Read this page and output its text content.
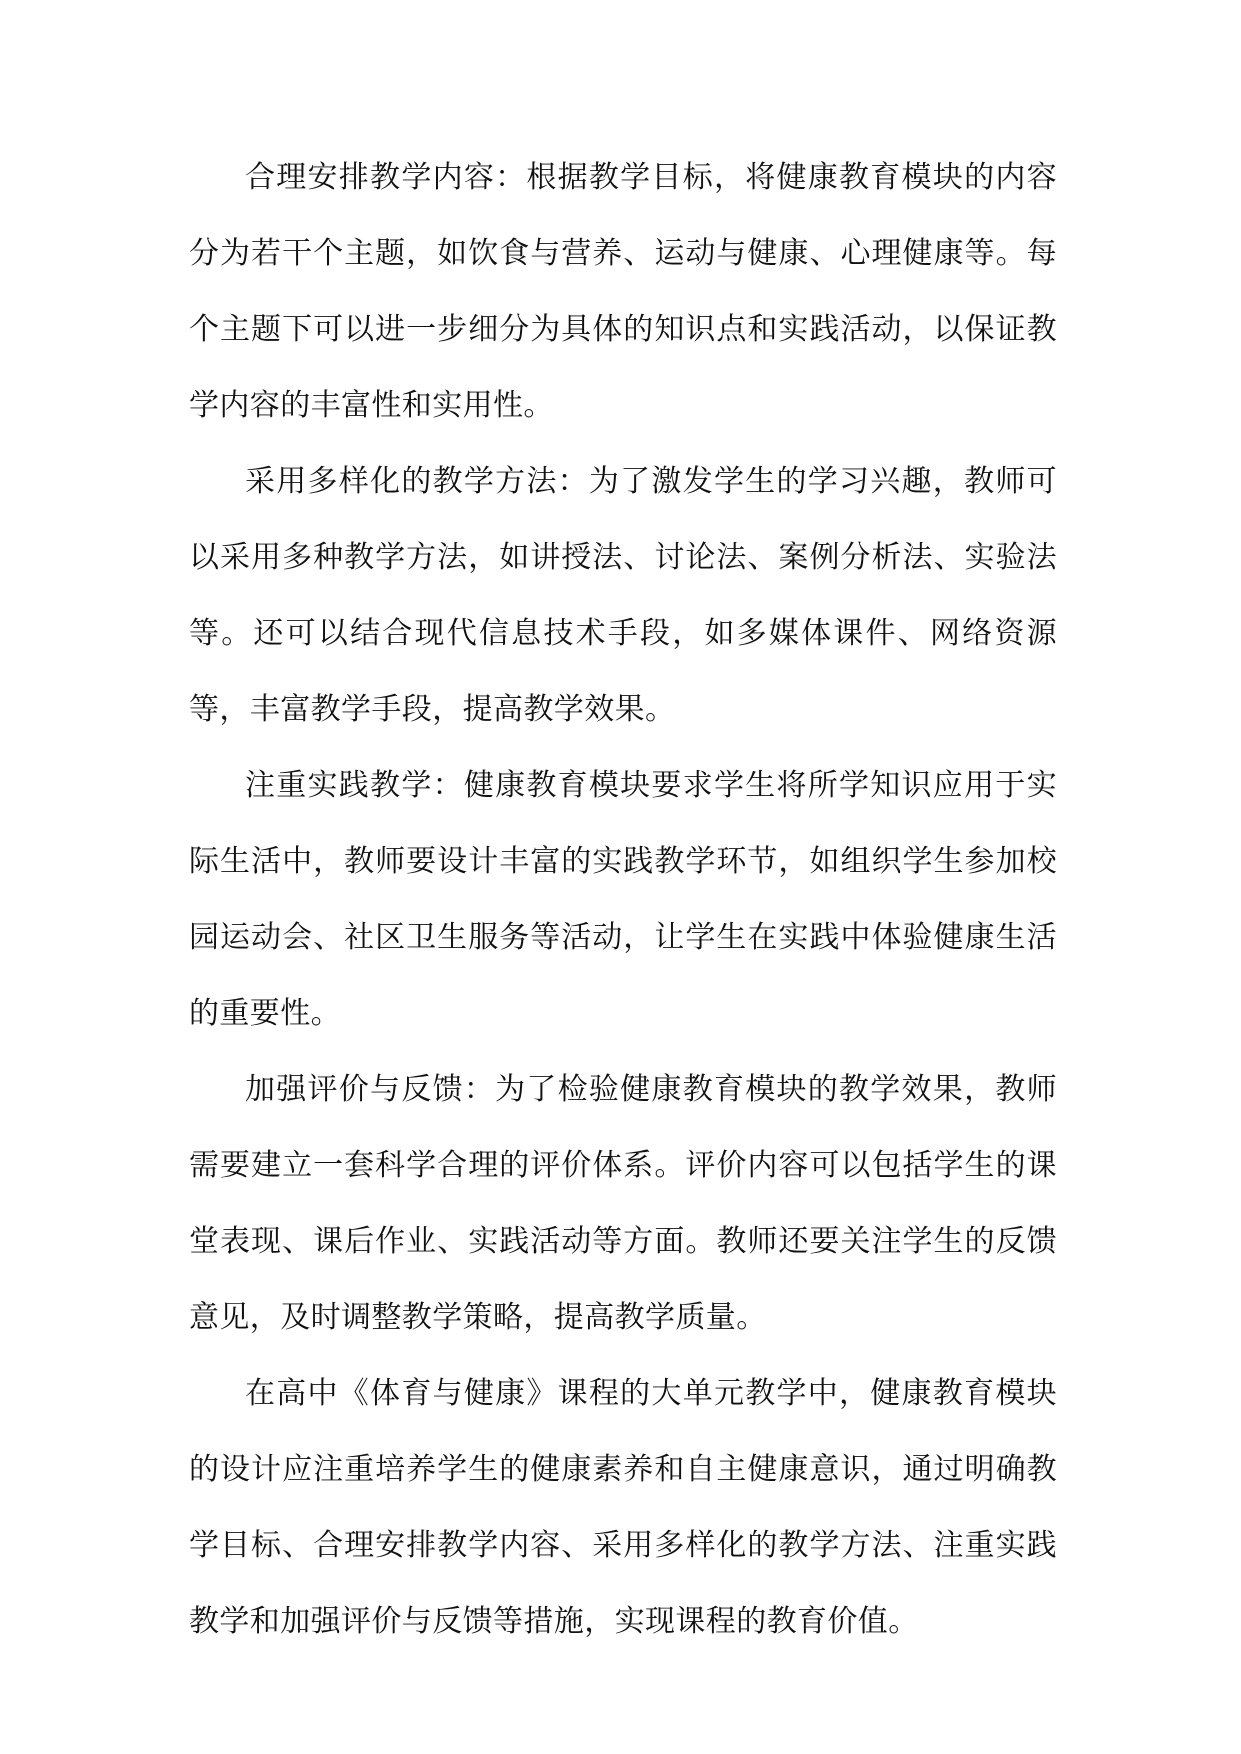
合理安排教学内容：根据教学目标，将健康教育模块的内容分为若干个主题，如饮食与营养、运动与健康、心理健康等。每个主题下可以进一步细分为具体的知识点和实践活动，以保证教学内容的丰富性和实用性。

采用多样化的教学方法：为了激发学生的学习兴趣，教师可以采用多种教学方法，如讲授法、讨论法、案例分析法、实验法等。还可以结合现代信息技术手段，如多媒体课件、网络资源等，丰富教学手段，提高教学效果。

注重实践教学：健康教育模块要求学生将所学知识应用于实际生活中，教师要设计丰富的实践教学环节，如组织学生参加校园运动会、社区卫生服务等活动，让学生在实践中体验健康生活的重要性。

加强评价与反馈：为了检验健康教育模块的教学效果，教师需要建立一套科学合理的评价体系。评价内容可以包括学生的课堂表现、课后作业、实践活动等方面。教师还要关注学生的反馈意见，及时调整教学策略，提高教学质量。

在高中《体育与健康》课程的大单元教学中，健康教育模块的设计应注重培养学生的健康素养和自主健康意识，通过明确教学目标、合理安排教学内容、采用多样化的教学方法、注重实践教学和加强评价与反馈等措施，实现课程的教育价值。
